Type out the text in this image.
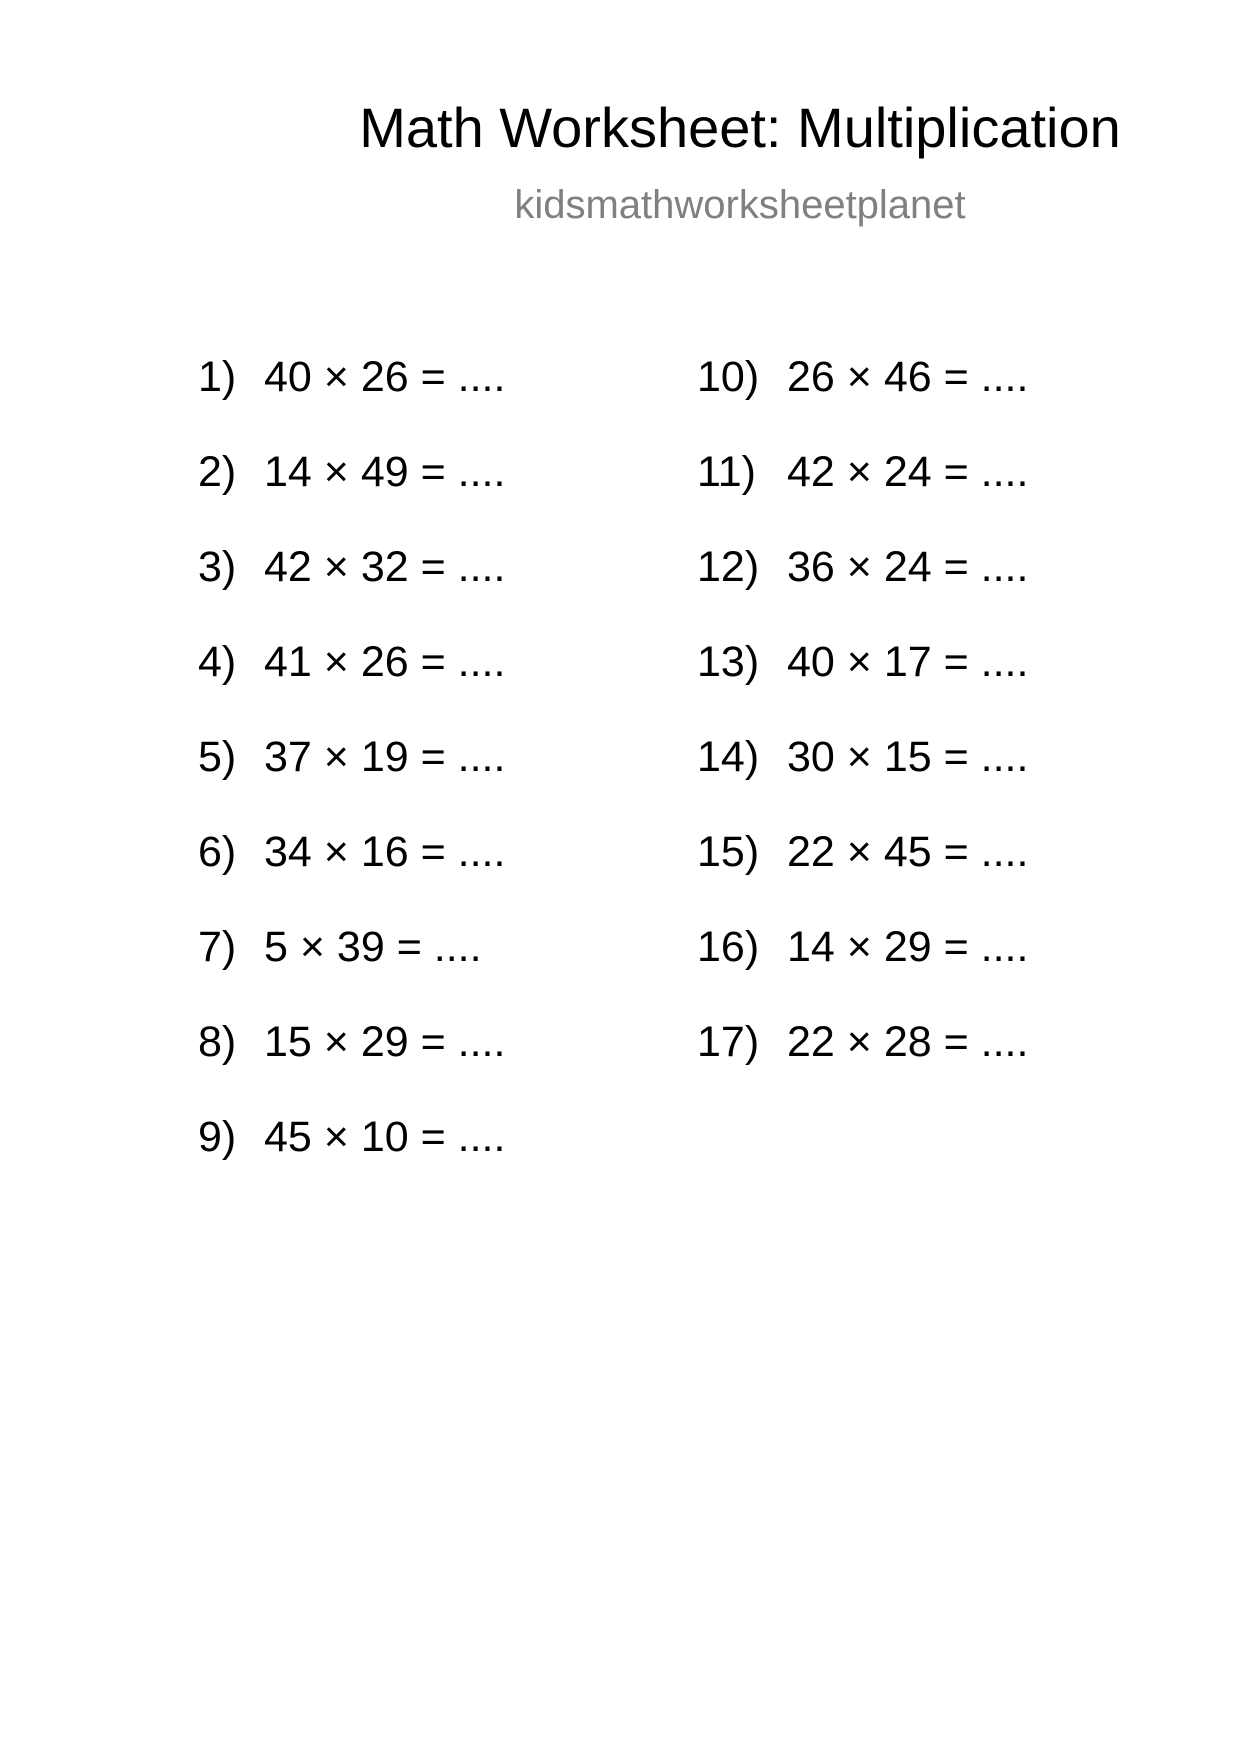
Math Worksheet: Multiplication
kidsmathworksheetplanet
1) 40 × 26 = ....
2) 14 × 49 = ....
3) 42 × 32 = ....
4) 41 × 26 = ....
5) 37 × 19 = ....
6) 34 × 16 = ....
7) 5 × 39 = ....
8) 15 × 29 = ....
9) 45 × 10 = ....
10) 26 × 46 = ....
11) 42 × 24 = ....
12) 36 × 24 = ....
13) 40 × 17 = ....
14) 30 × 15 = ....
15) 22 × 45 = ....
16) 14 × 29 = ....
17) 22 × 28 = ....
